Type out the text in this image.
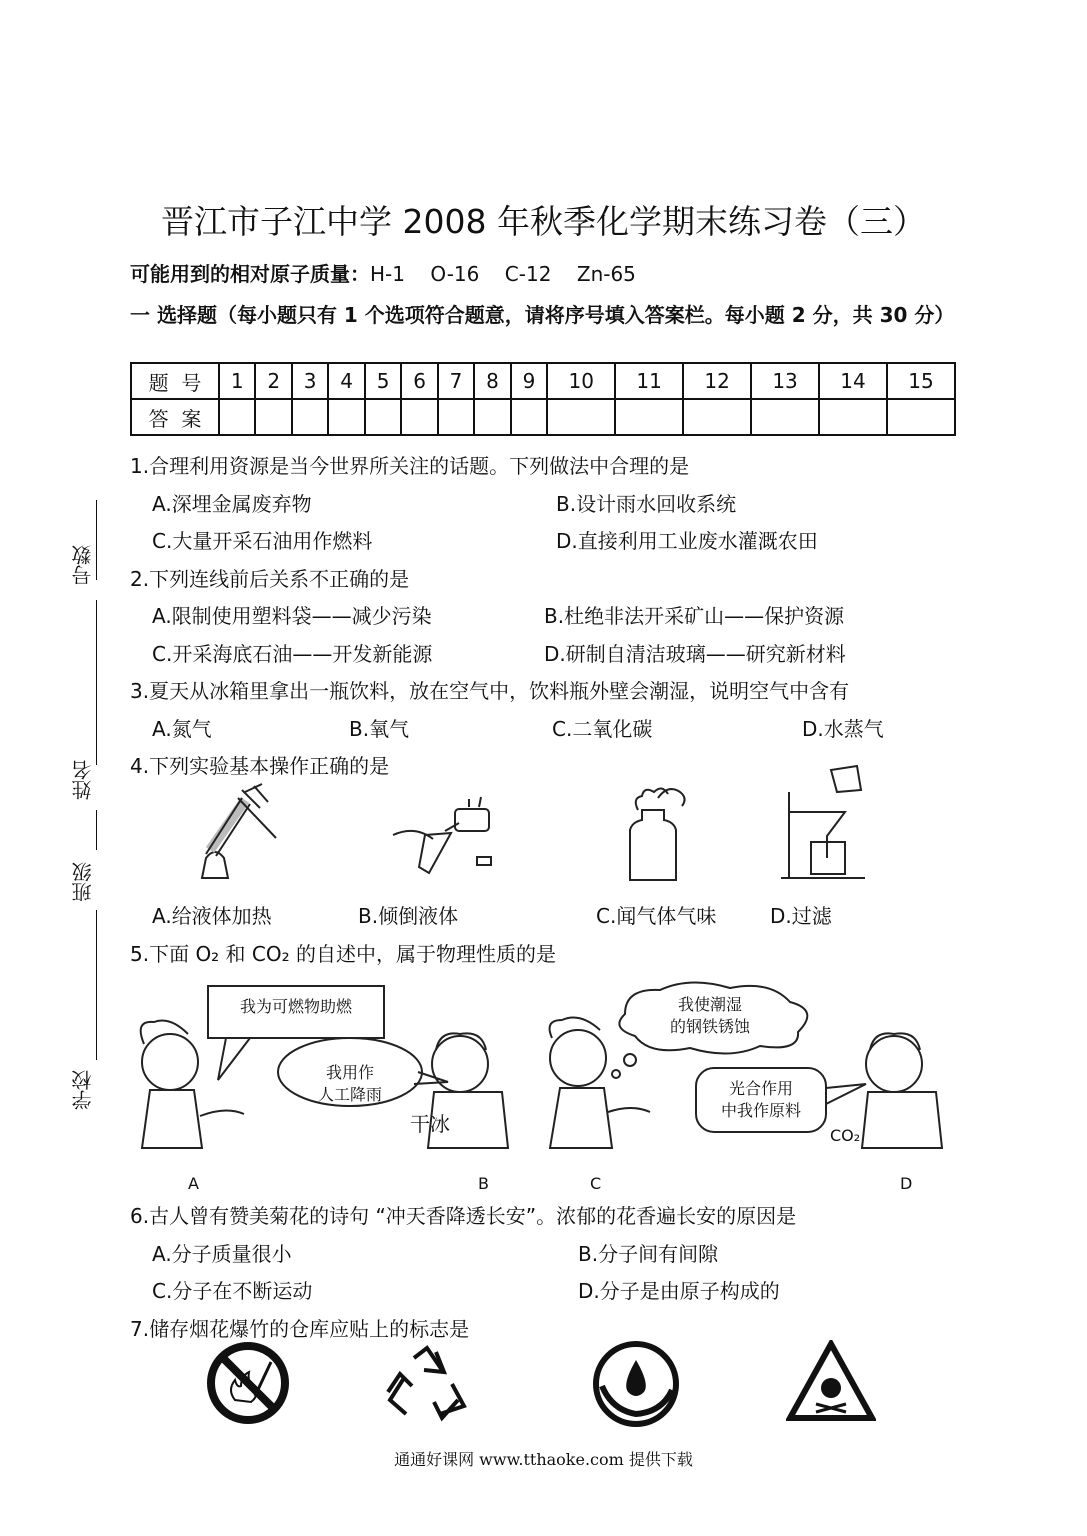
晋江市子江中学 2008 年秋季化学期末练习卷（三）
可能用到的相对原子质量：H-1    O-16    C-12    Zn-65
一 选择题（每小题只有 1 个选项符合题意，请将序号填入答案栏。每小题 2 分，共 30 分）
题  号	1	2	3	4	5	6	7	8	9	10	11	12	13	14	15
答  案															
号数
姓名
班级
学校
1.合理利用资源是当今世界所关注的话题。下列做法中合理的是
A.深埋金属废弃物	B.设计雨水回收系统
C.大量开采石油用作燃料	D.直接利用工业废水灌溉农田
2.下列连线前后关系不正确的是
A.限制使用塑料袋——减少污染	B.杜绝非法开采矿山——保护资源
C.开采海底石油——开发新能源	D.研制自清洁玻璃——研究新材料
3.夏天从冰箱里拿出一瓶饮料，放在空气中，饮料瓶外壁会潮湿，说明空气中含有
A.氮气	B.氧气	C.二氧化碳	D.水蒸气
4.下列实验基本操作正确的是
A.给液体加热	B.倾倒液体	C.闻气体气味	D.过滤
5.下面 O₂ 和 CO₂ 的自述中，属于物理性质的是
我为可燃物助燃
我用作
人工降雨
干冰
我使潮湿
的钢铁锈蚀
光合作用
中我作原料
CO₂
A	B	C	D
6.古人曾有赞美菊花的诗句 “冲天香降透长安”。浓郁的花香遍长安的原因是
A.分子质量很小	B.分子间有间隙
C.分子在不断运动	D.分子是由原子构成的
7.储存烟花爆竹的仓库应贴上的标志是
通通好课网 www.tthaoke.com 提供下载
